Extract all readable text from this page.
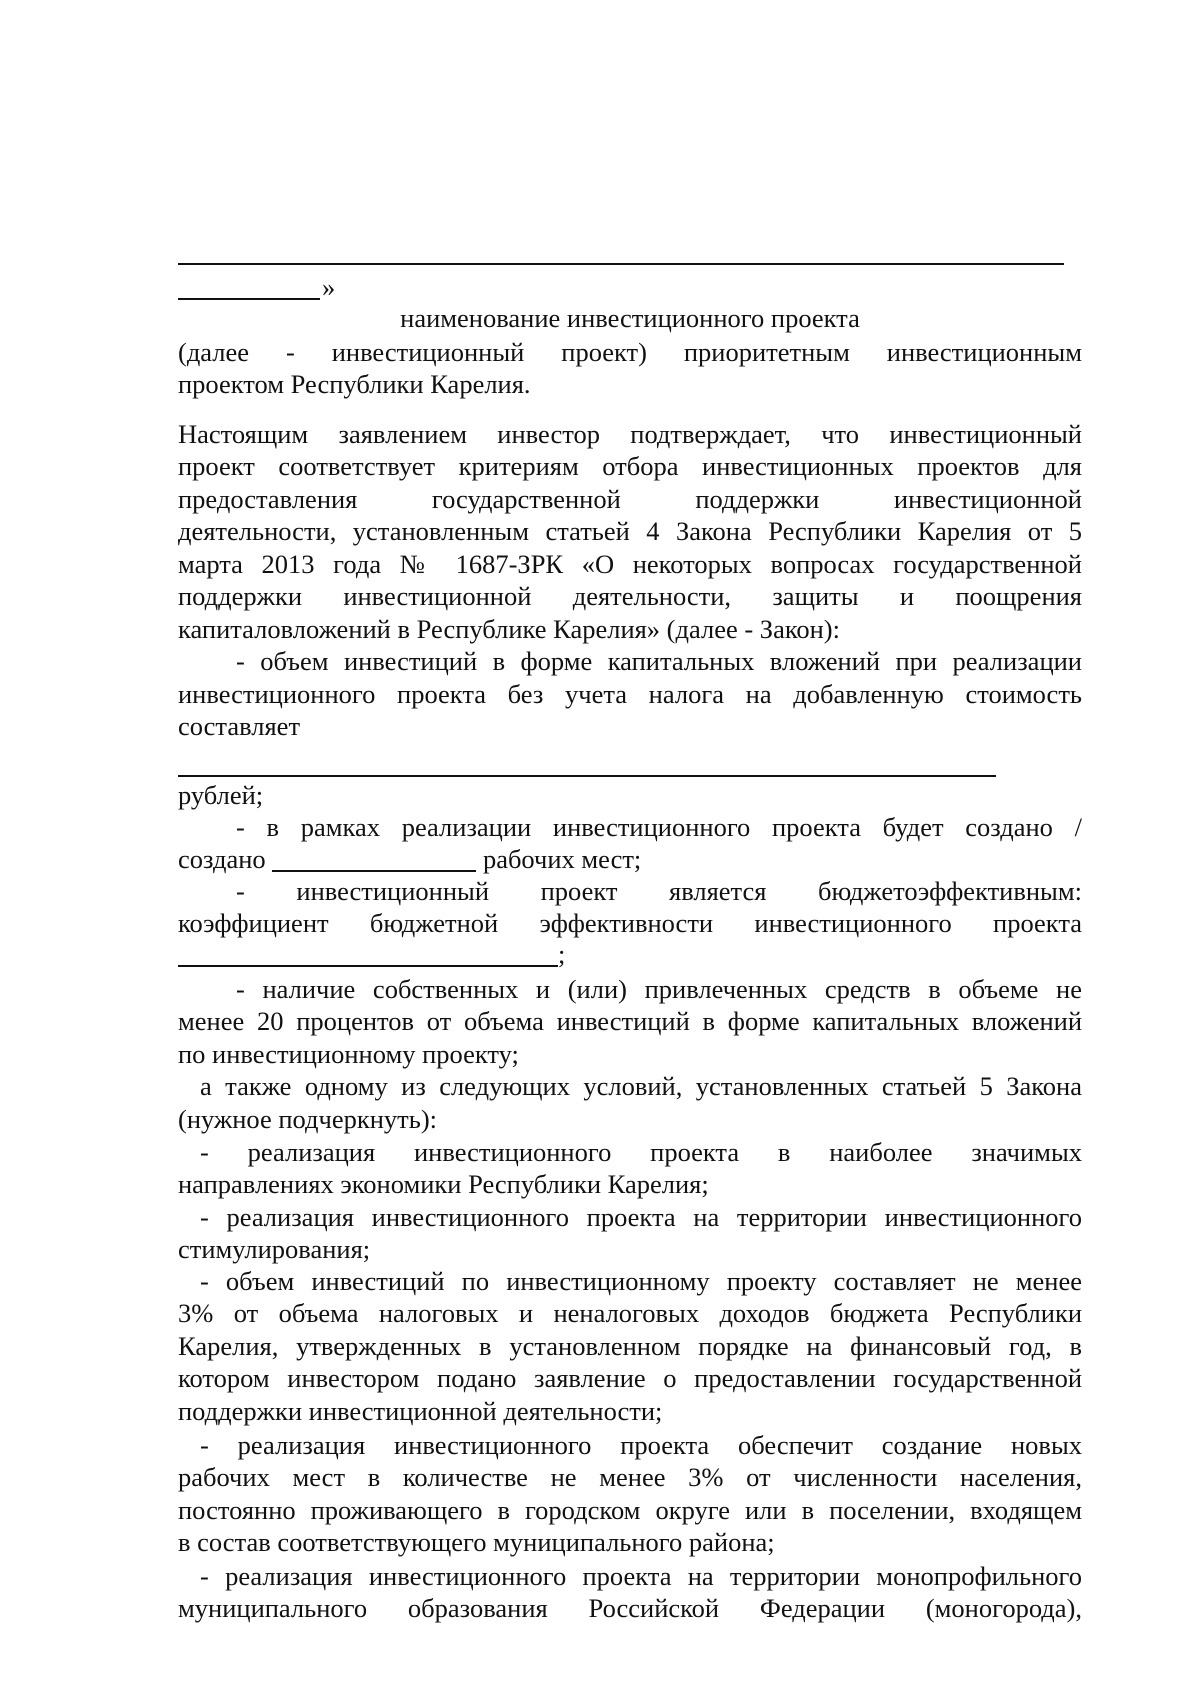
»
наименование инвестиционного проекта
(далее - инвестиционный проект) приоритетным инвестиционным
проектом Республики Карелия.
Настоящим заявлением инвестор подтверждает, что инвестиционный
проект соответствует критериям отбора инвестиционных проектов для
предоставления государственной поддержки инвестиционной
деятельности, установленным статьей 4 Закона Республики Карелия от 5
марта 2013 года № 1687-ЗРК «О некоторых вопросах государственной
поддержки инвестиционной деятельности, защиты и поощрения
капиталовложений в Республике Карелия» (далее - Закон):
- объем инвестиций в форме капитальных вложений при реализации
инвестиционного проекта без учета налога на добавленную стоимость
составляет
рублей;
- в рамках реализации инвестиционного проекта будет создано /
создано	рабочих мест;
- инвестиционный проект является бюджетоэффективным:
коэффициент бюджетной эффективности инвестиционного проекта
;
- наличие собственных и (или) привлеченных средств в объеме не
менее 20 процентов от объема инвестиций в форме капитальных вложений
по инвестиционному проекту;
а также одному из следующих условий, установленных статьей 5 Закона
(нужное подчеркнуть):
- реализация инвестиционного проекта в наиболее значимых
направлениях экономики Республики Карелия;
- реализация инвестиционного проекта на территории инвестиционного
стимулирования;
- объем инвестиций по инвестиционному проекту составляет не менее
3% от объема налоговых и неналоговых доходов бюджета Республики
Карелия, утвержденных в установленном порядке на финансовый год, в
котором инвестором подано заявление о предоставлении государственной
поддержки инвестиционной деятельности;
- реализация инвестиционного проекта обеспечит создание новых
рабочих мест в количестве не менее 3% от численности населения,
постоянно проживающего в городском округе или в поселении, входящем
в состав соответствующего муниципального района;
- реализация инвестиционного проекта на территории монопрофильного
муниципального образования Российской Федерации (моногорода),
